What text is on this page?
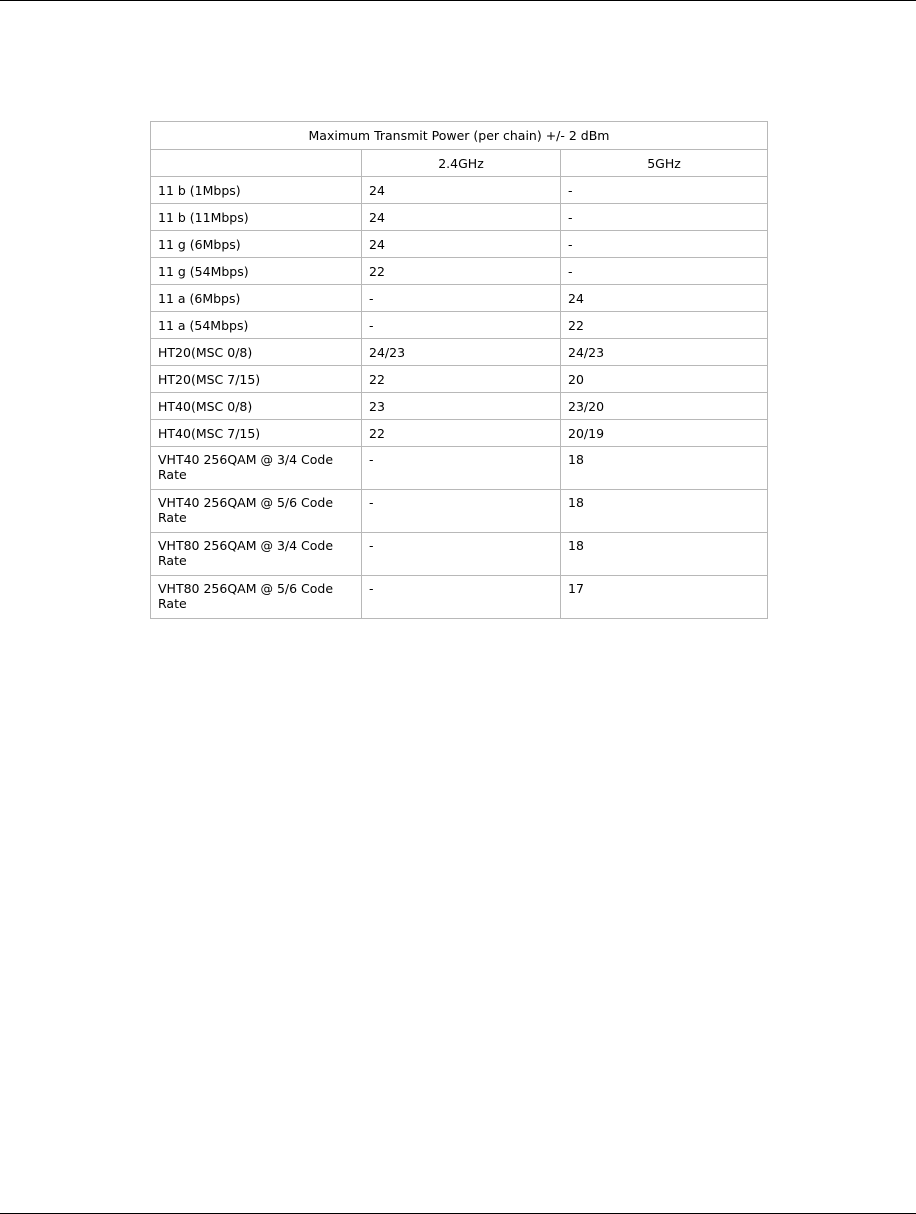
Maximum Transmit Power (per chain) +/- 2 dBm		
	2.4GHz	5GHz
11 b (1Mbps)	24	-
11 b (11Mbps)	24	-
11 g (6Mbps)	24	-
11 g (54Mbps)	22	-
11 a (6Mbps)	-	24
11 a (54Mbps)	-	22
HT20(MSC 0/8)	24/23	24/23
HT20(MSC 7/15)	22	20
HT40(MSC 0/8)	23	23/20
HT40(MSC 7/15)	22	20/19
VHT40 256QAM @ 3/4 Code Rate	-	18
VHT40 256QAM @ 5/6 Code Rate	-	18
VHT80 256QAM @ 3/4 Code Rate	-	18
VHT80 256QAM @ 5/6 Code Rate	-	17
